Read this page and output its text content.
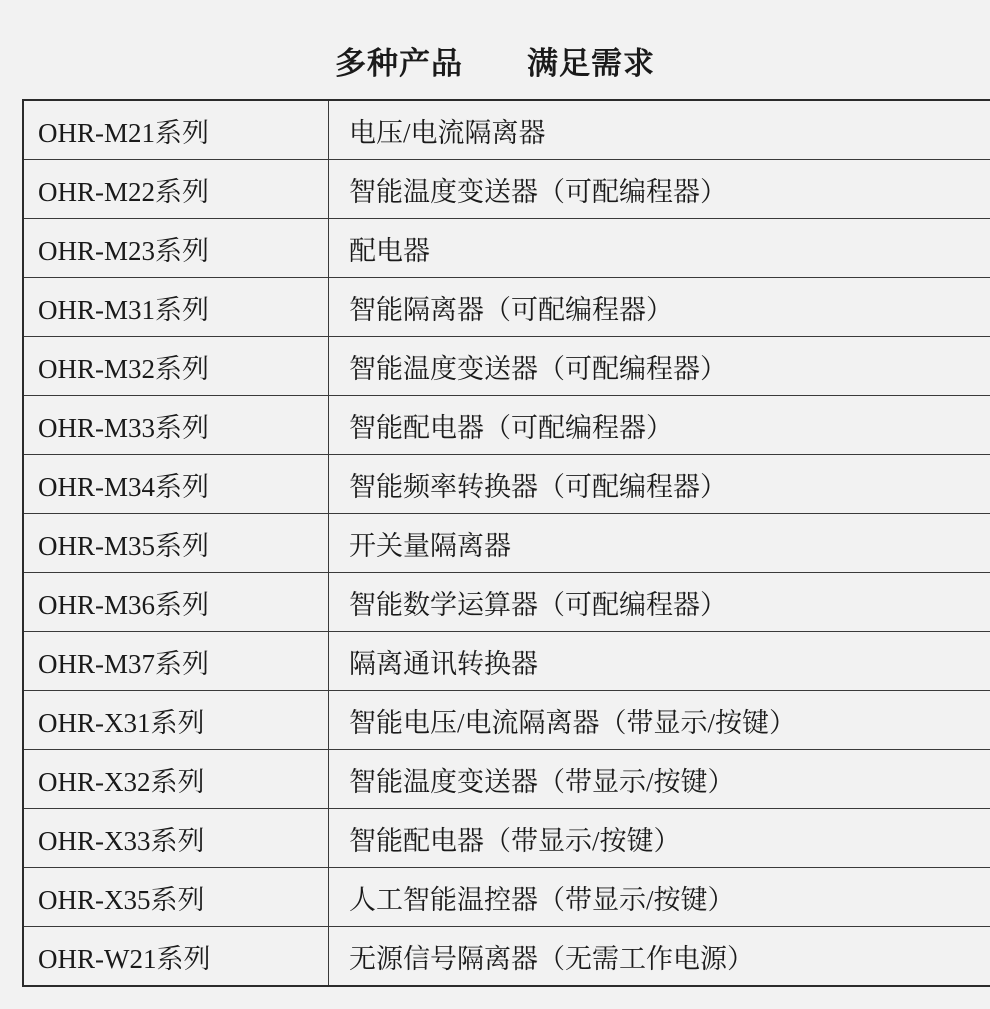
多种产品　　满足需求
OHR-M21系列	电压/电流隔离器
OHR-M22系列	智能温度变送器（可配编程器）
OHR-M23系列	配电器
OHR-M31系列	智能隔离器（可配编程器）
OHR-M32系列	智能温度变送器（可配编程器）
OHR-M33系列	智能配电器（可配编程器）
OHR-M34系列	智能频率转换器（可配编程器）
OHR-M35系列	开关量隔离器
OHR-M36系列	智能数学运算器（可配编程器）
OHR-M37系列	隔离通讯转换器
OHR-X31系列	智能电压/电流隔离器（带显示/按键）
OHR-X32系列	智能温度变送器（带显示/按键）
OHR-X33系列	智能配电器（带显示/按键）
OHR-X35系列	人工智能温控器（带显示/按键）
OHR-W21系列	无源信号隔离器（无需工作电源）
